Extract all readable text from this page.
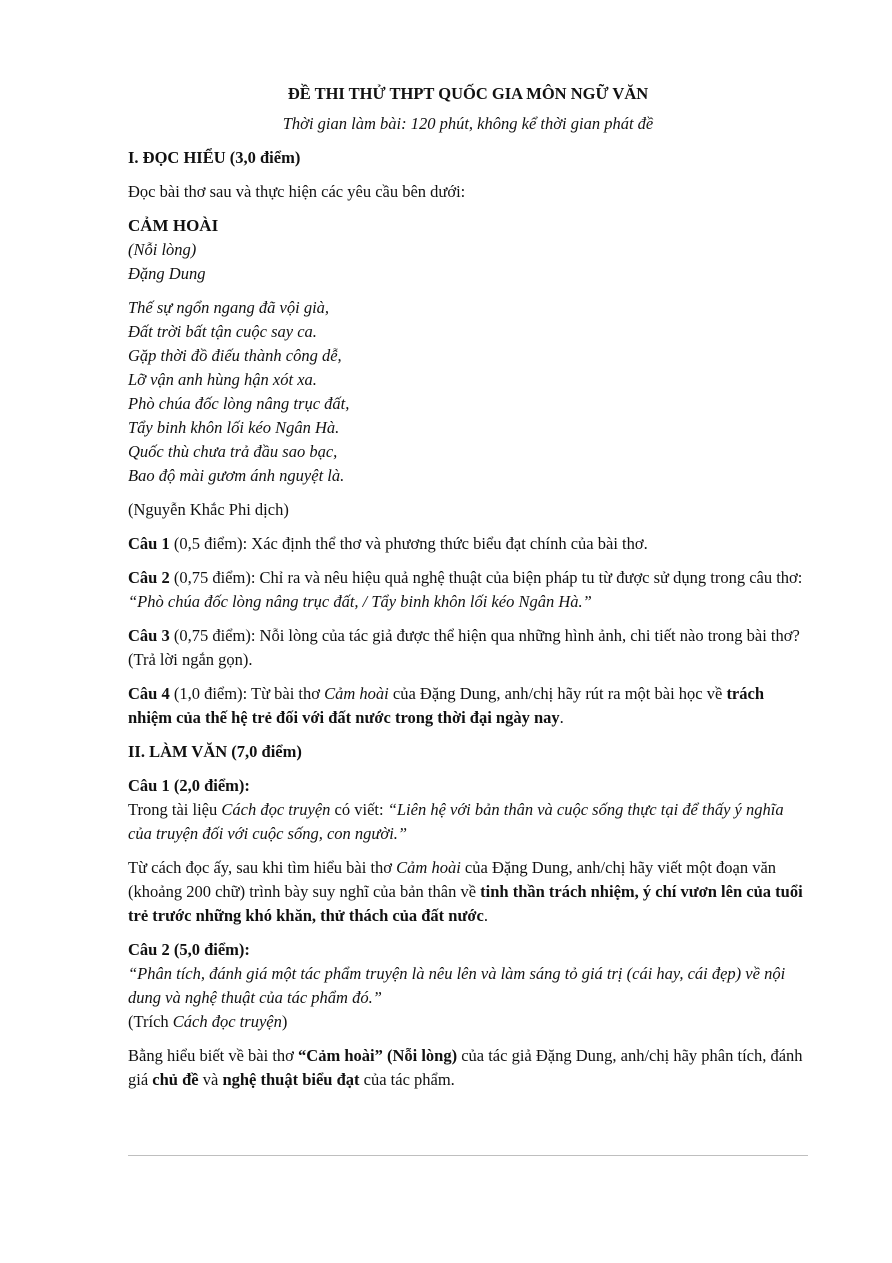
ĐỀ THI THỬ THPT QUỐC GIA MÔN NGỮ VĂN

Thời gian làm bài: 120 phút, không kể thời gian phát đề

I. ĐỌC HIỂU (3,0 điểm)

Đọc bài thơ sau và thực hiện các yêu cầu bên dưới:

CẢM HOÀI

(Nỗi lòng)

Đặng Dung

Thế sự ngổn ngang đã vội già,

Đất trời bất tận cuộc say ca.

Gặp thời đồ điếu thành công dễ,

Lỡ vận anh hùng hận xót xa.

Phò chúa đốc lòng nâng trục đất,

Tẩy binh khôn lối kéo Ngân Hà.

Quốc thù chưa trả đầu sao bạc,

Bao độ mài gươm ánh nguyệt là.

(Nguyễn Khắc Phi dịch)

Câu 1 (0,5 điểm): Xác định thể thơ và phương thức biểu đạt chính của bài thơ.

Câu 2 (0,75 điểm): Chỉ ra và nêu hiệu quả nghệ thuật của biện pháp tu từ được sử dụng trong câu thơ: “Phò chúa đốc lòng nâng trục đất, / Tẩy binh khôn lối kéo Ngân Hà.”

Câu 3 (0,75 điểm): Nỗi lòng của tác giả được thể hiện qua những hình ảnh, chi tiết nào trong bài thơ? (Trả lời ngắn gọn).

Câu 4 (1,0 điểm): Từ bài thơ Cảm hoài của Đặng Dung, anh/chị hãy rút ra một bài học về trách nhiệm của thế hệ trẻ đối với đất nước trong thời đại ngày nay.

II. LÀM VĂN (7,0 điểm)

Câu 1 (2,0 điểm):

Trong tài liệu Cách đọc truyện có viết: “Liên hệ với bản thân và cuộc sống thực tại để thấy ý nghĩa của truyện đối với cuộc sống, con người.”

Từ cách đọc ấy, sau khi tìm hiểu bài thơ Cảm hoài của Đặng Dung, anh/chị hãy viết một đoạn văn (khoảng 200 chữ) trình bày suy nghĩ của bản thân về tinh thần trách nhiệm, ý chí vươn lên của tuổi trẻ trước những khó khăn, thử thách của đất nước.

Câu 2 (5,0 điểm):

“Phân tích, đánh giá một tác phẩm truyện là nêu lên và làm sáng tỏ giá trị (cái hay, cái đẹp) về nội dung và nghệ thuật của tác phẩm đó.”

(Trích Cách đọc truyện)

Bằng hiểu biết về bài thơ “Cảm hoài” (Nỗi lòng) của tác giả Đặng Dung, anh/chị hãy phân tích, đánh giá chủ đề và nghệ thuật biểu đạt của tác phẩm.
